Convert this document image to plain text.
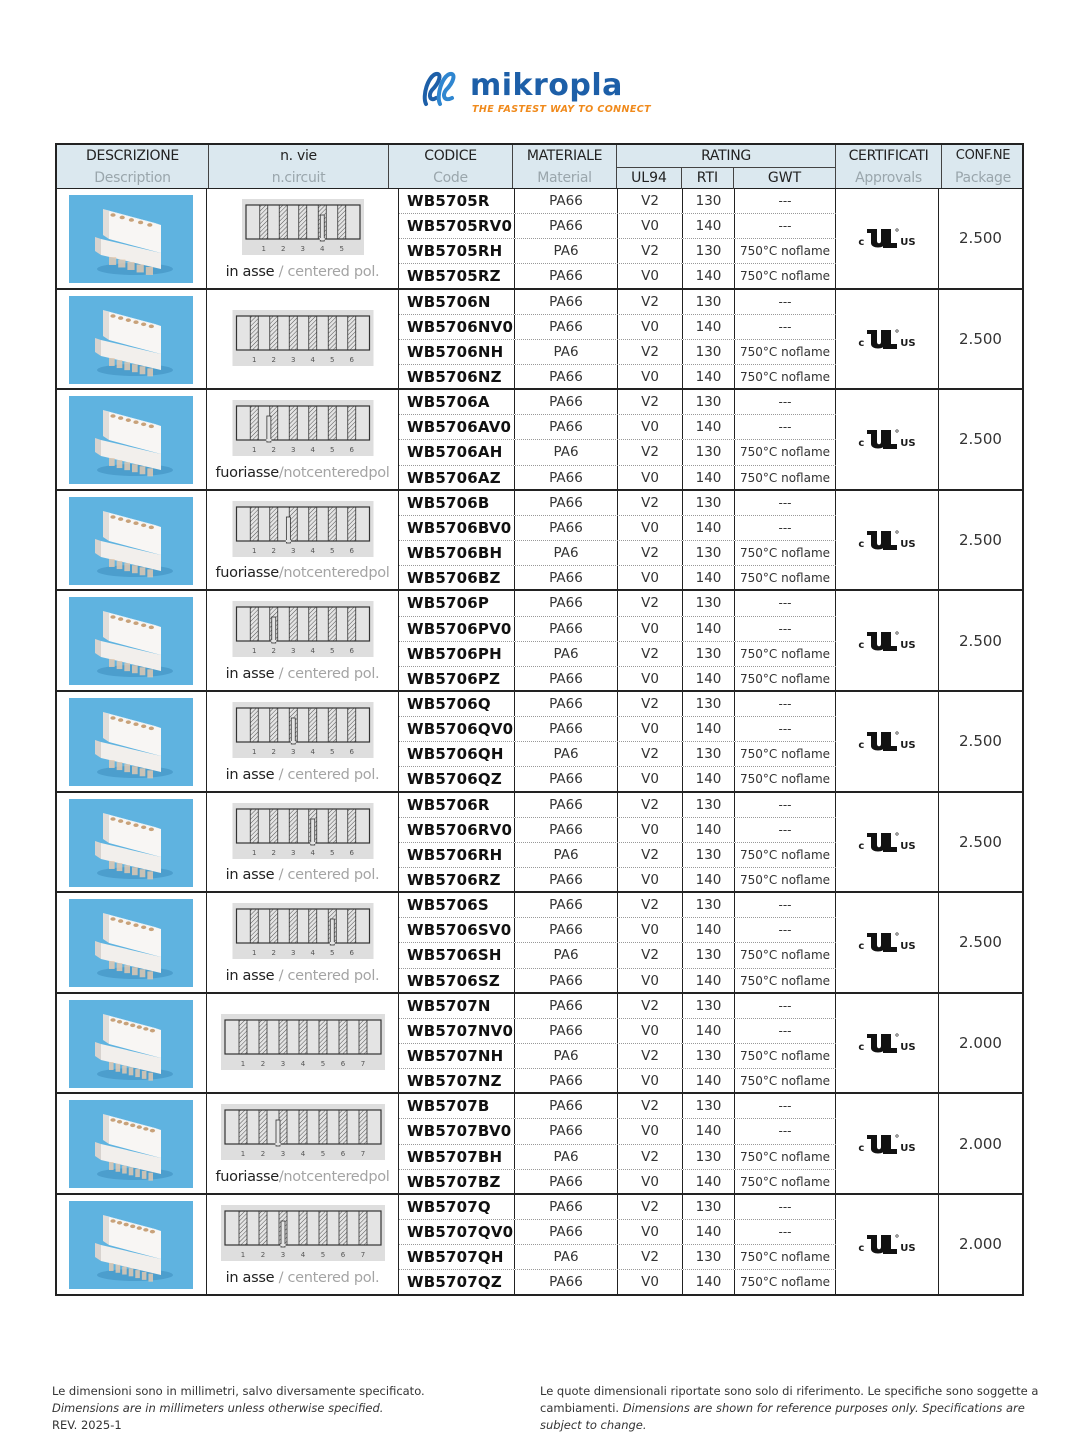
mikropla
THE FASTEST WAY TO CONNECT
DESCRIZIONE
Description
n. vie
n.circuit
CODICE
Code
MATERIALE
Material
RATING
UL94	RTI	GWT
CERTIFICATI
Approvals
CONF.NE
Package
1 2 3 4 5
in asse / centered pol.
WB5705R	PA66	V2	130	---
WB5705RV0	PA66	V0	140	---
WB5705RH	PA6	V2	130	750°C noflame
WB5705RZ	PA66	V0	140	750°C noflame
c	US	2.500
1 2 3 4 5 6
WB5706N	PA66	V2	130	---
WB5706NV0	PA66	V0	140	---
WB5706NH	PA6	V2	130	750°C noflame
WB5706NZ	PA66	V0	140	750°C noflame
c	US	2.500
1 2 3 4 5 6
fuoriasse/notcenteredpol
WB5706A	PA66	V2	130	---
WB5706AV0	PA66	V0	140	---
WB5706AH	PA6	V2	130	750°C noflame
WB5706AZ	PA66	V0	140	750°C noflame
c	US	2.500
1 2 3 4 5 6
fuoriasse/notcenteredpol
WB5706B	PA66	V2	130	---
WB5706BV0	PA66	V0	140	---
WB5706BH	PA6	V2	130	750°C noflame
WB5706BZ	PA66	V0	140	750°C noflame
c	US	2.500
1 2 3 4 5 6
in asse / centered pol.
WB5706P	PA66	V2	130	---
WB5706PV0	PA66	V0	140	---
WB5706PH	PA6	V2	130	750°C noflame
WB5706PZ	PA66	V0	140	750°C noflame
c	US	2.500
1 2 3 4 5 6
in asse / centered pol.
WB5706Q	PA66	V2	130	---
WB5706QV0	PA66	V0	140	---
WB5706QH	PA6	V2	130	750°C noflame
WB5706QZ	PA66	V0	140	750°C noflame
c	US	2.500
1 2 3 4 5 6
in asse / centered pol.
WB5706R	PA66	V2	130	---
WB5706RV0	PA66	V0	140	---
WB5706RH	PA6	V2	130	750°C noflame
WB5706RZ	PA66	V0	140	750°C noflame
c	US	2.500
1 2 3 4 5 6
in asse / centered pol.
WB5706S	PA66	V2	130	---
WB5706SV0	PA66	V0	140	---
WB5706SH	PA6	V2	130	750°C noflame
WB5706SZ	PA66	V0	140	750°C noflame
c	US	2.500
1 2 3 4 5 6 7
WB5707N	PA66	V2	130	---
WB5707NV0	PA66	V0	140	---
WB5707NH	PA6	V2	130	750°C noflame
WB5707NZ	PA66	V0	140	750°C noflame
c	US	2.000
1 2 3 4 5 6 7
fuoriasse/notcenteredpol
WB5707B	PA66	V2	130	---
WB5707BV0	PA66	V0	140	---
WB5707BH	PA6	V2	130	750°C noflame
WB5707BZ	PA66	V0	140	750°C noflame
c	US	2.000
1 2 3 4 5 6 7
in asse / centered pol.
WB5707Q	PA66	V2	130	---
WB5707QV0	PA66	V0	140	---
WB5707QH	PA6	V2	130	750°C noflame
WB5707QZ	PA66	V0	140	750°C noflame
c	US	2.000
Le dimensioni sono in millimetri, salvo diversamente specificato.
Dimensions are in millimeters unless otherwise specified.
REV. 2025-1
Le quote dimensionali riportate sono solo di riferimento. Le specifiche sono soggette a cambiamenti. Dimensions are shown for reference purposes only. Specifications are subject to change.
